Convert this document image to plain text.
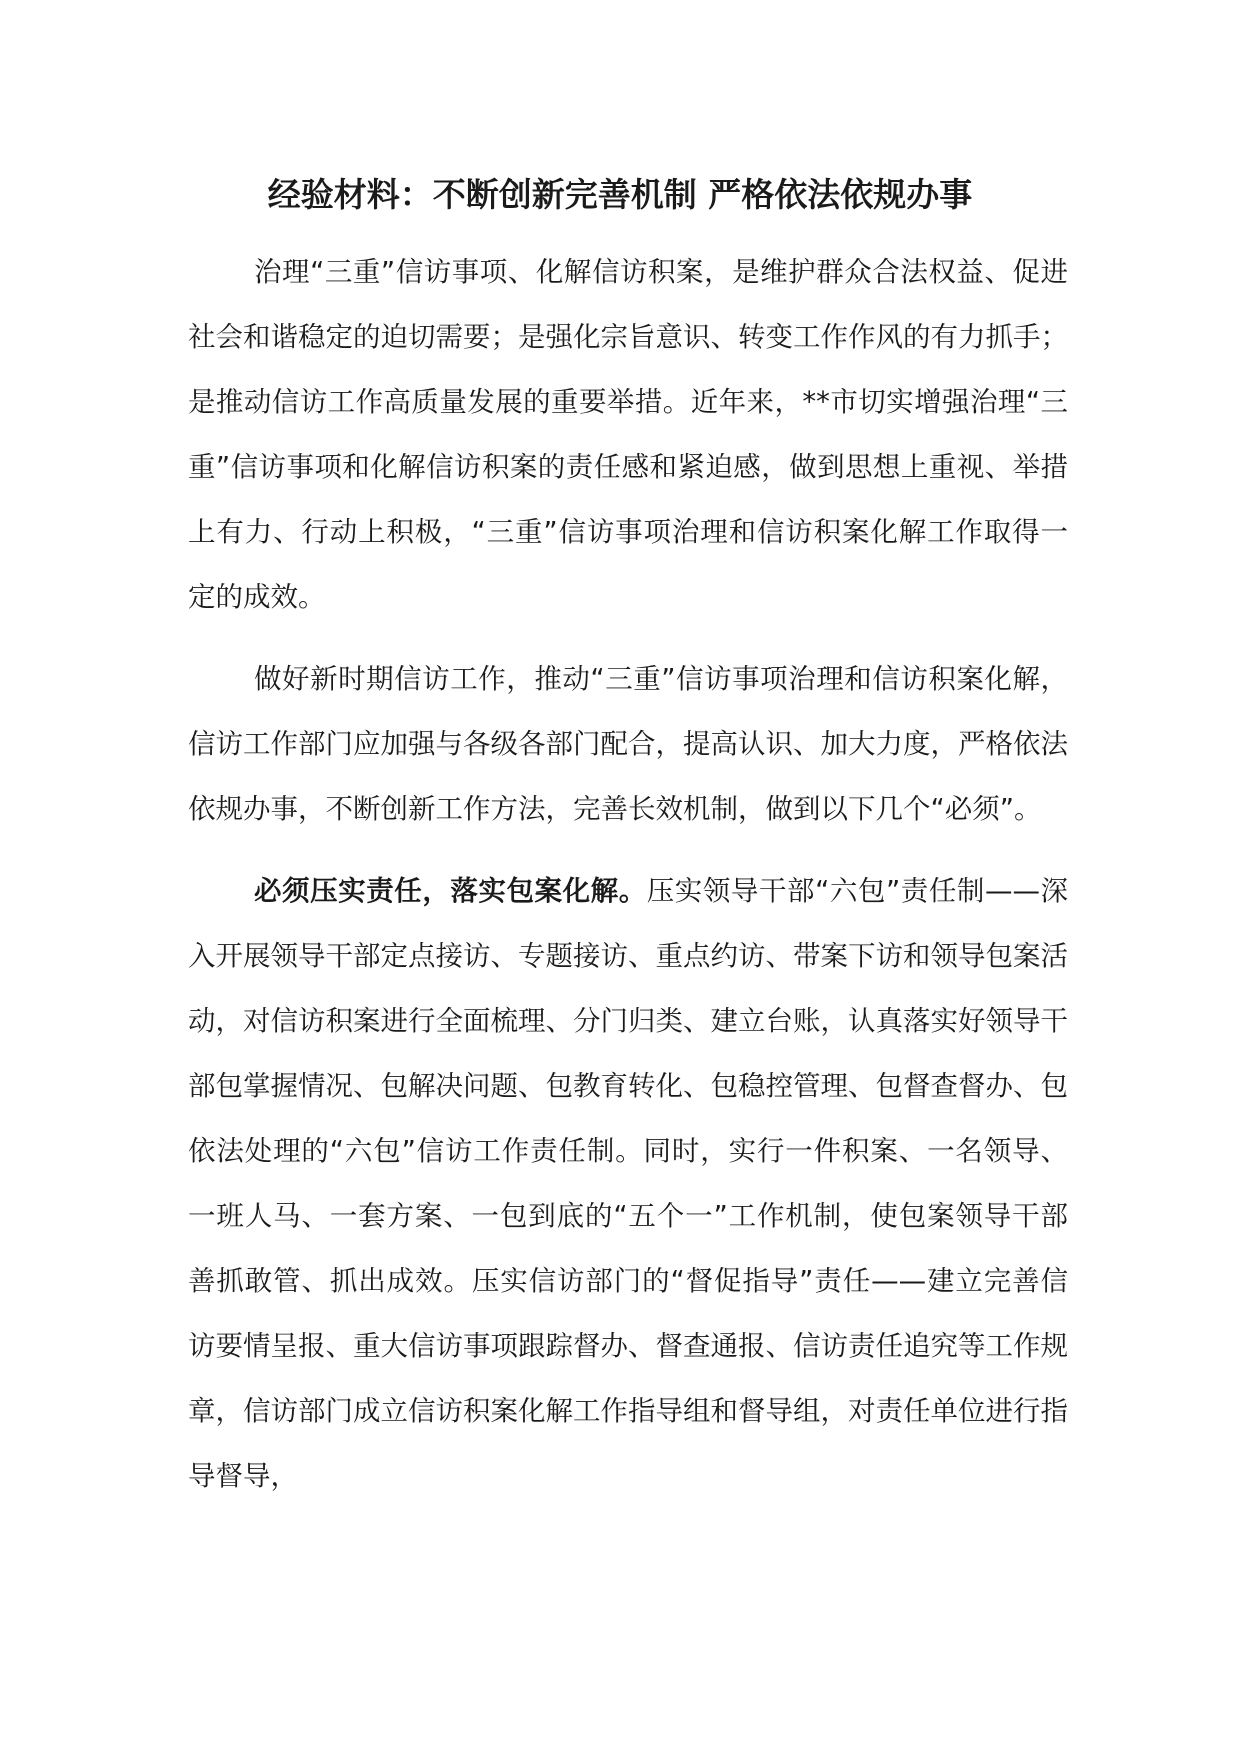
经验材料：不断创新完善机制 严格依法依规办事

治理“三重”信访事项、化解信访积案，是维护群众合法权益、促进社会和谐稳定的迫切需要；是强化宗旨意识、转变工作作风的有力抓手；是推动信访工作高质量发展的重要举措。近年来，**市切实增强治理“三重”信访事项和化解信访积案的责任感和紧迫感，做到思想上重视、举措上有力、行动上积极，“三重”信访事项治理和信访积案化解工作取得一定的成效。

做好新时期信访工作，推动“三重”信访事项治理和信访积案化解，信访工作部门应加强与各级各部门配合，提高认识、加大力度，严格依法依规办事，不断创新工作方法，完善长效机制，做到以下几个“必须”。

必须压实责任，落实包案化解。压实领导干部“六包”责任制——深入开展领导干部定点接访、专题接访、重点约访、带案下访和领导包案活动，对信访积案进行全面梳理、分门归类、建立台账，认真落实好领导干部包掌握情况、包解决问题、包教育转化、包稳控管理、包督查督办、包依法处理的“六包”信访工作责任制。同时，实行一件积案、一名领导、一班人马、一套方案、一包到底的“五个一”工作机制，使包案领导干部善抓敢管、抓出成效。压实信访部门的“督促指导”责任——建立完善信访要情呈报、重大信访事项跟踪督办、督查通报、信访责任追究等工作规章，信访部门成立信访积案化解工作指导组和督导组，对责任单位进行指导督导，
